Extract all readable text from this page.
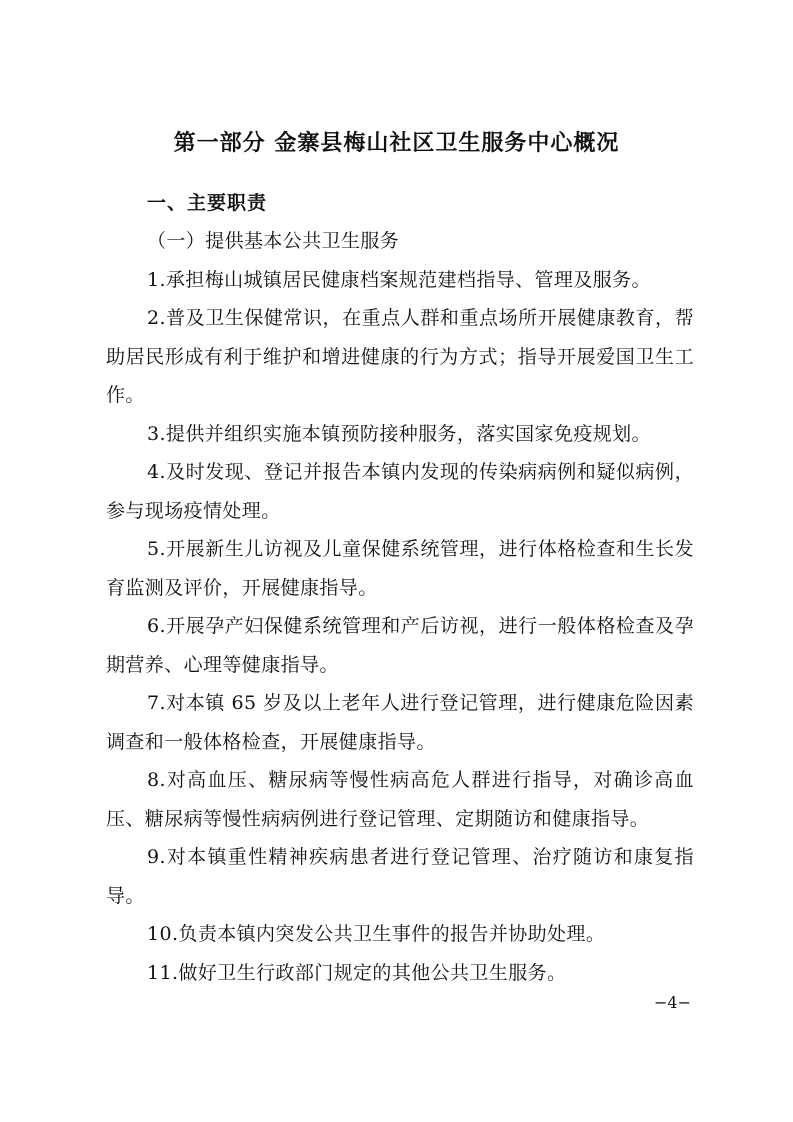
第一部分 金寨县梅山社区卫生服务中心概况
一、主要职责

（一）提供基本公共卫生服务

1.承担梅山城镇居民健康档案规范建档指导、管理及服务。

2.普及卫生保健常识，在重点人群和重点场所开展健康教育，帮助居民形成有利于维护和增进健康的行为方式；指导开展爱国卫生工作。

3.提供并组织实施本镇预防接种服务，落实国家免疫规划。

4.及时发现、登记并报告本镇内发现的传染病病例和疑似病例，参与现场疫情处理。

5.开展新生儿访视及儿童保健系统管理，进行体格检查和生长发育监测及评价，开展健康指导。

6.开展孕产妇保健系统管理和产后访视，进行一般体格检查及孕期营养、心理等健康指导。

7.对本镇 65 岁及以上老年人进行登记管理，进行健康危险因素调查和一般体格检查，开展健康指导。

8.对高血压、糖尿病等慢性病高危人群进行指导，对确诊高血压、糖尿病等慢性病病例进行登记管理、定期随访和健康指导。

9.对本镇重性精神疾病患者进行登记管理、治疗随访和康复指导。

10.负责本镇内突发公共卫生事件的报告并协助处理。

11.做好卫生行政部门规定的其他公共卫生服务。

−4−
